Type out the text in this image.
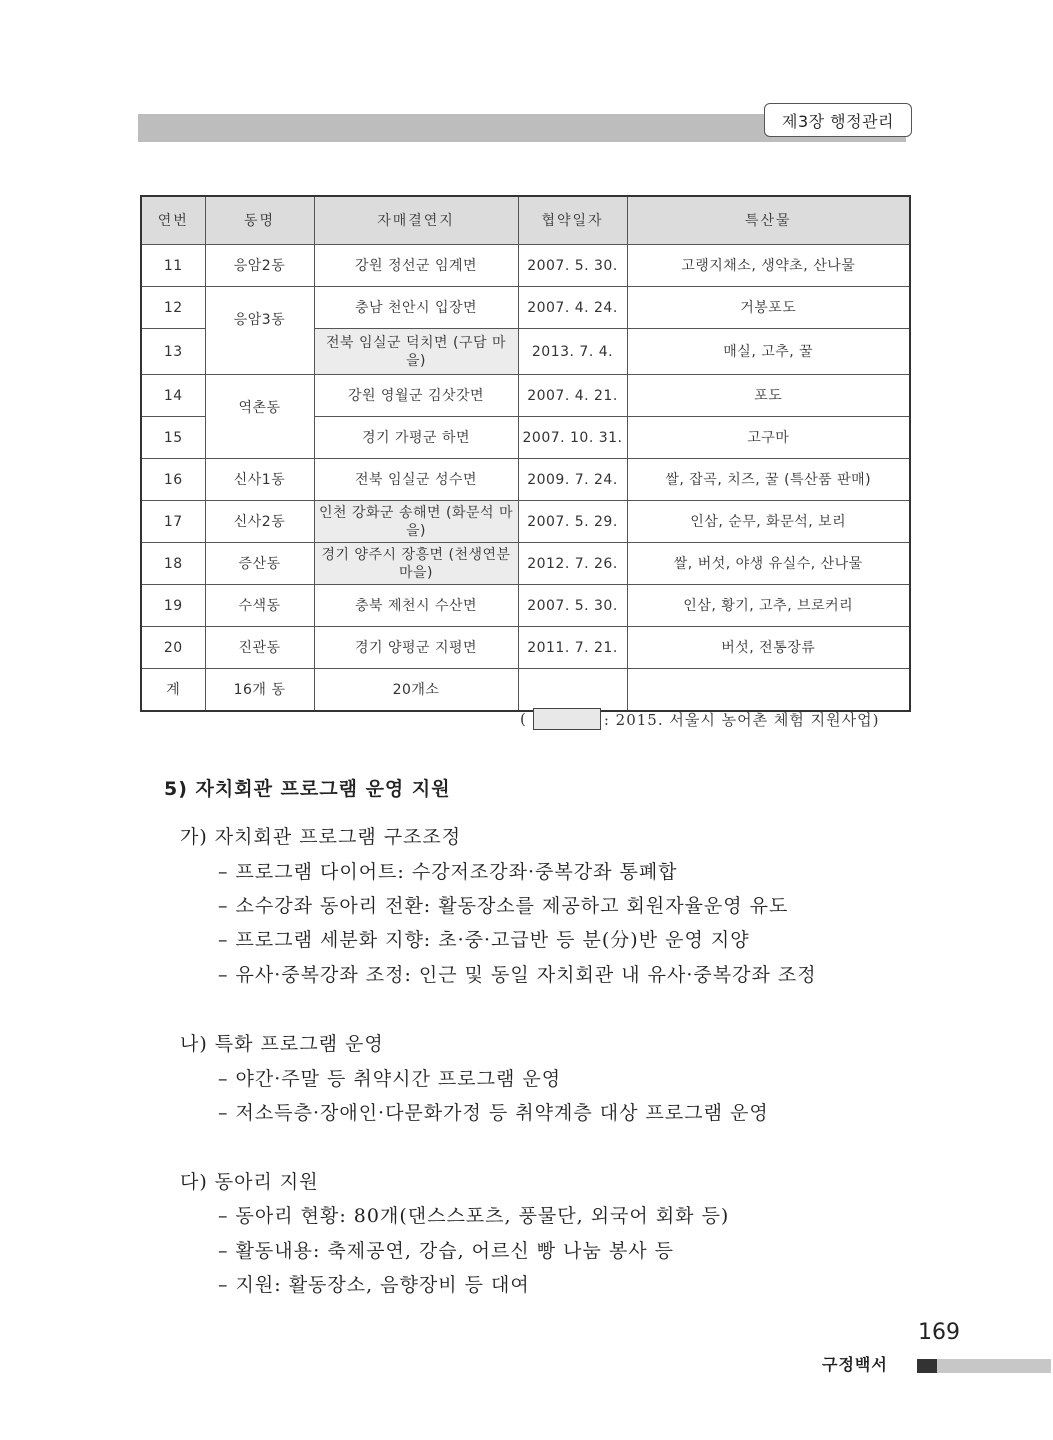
제3장 행정관리
연번	동명	자매결연지	협약일자	특산물
11	응암2동	강원 정선군 임계면	2007. 5. 30.	고랭지채소, 생약초, 산나물
12	응암3동	충남 천안시 입장면	2007. 4. 24.	거봉포도
13		전북 임실군 덕치면 (구담 마을)	2013. 7. 4.	매실, 고추, 꿀
14	역촌동	강원 영월군 김삿갓면	2007. 4. 21.	포도
15		경기 가평군 하면	2007. 10. 31.	고구마
16	신사1동	전북 임실군 성수면	2009. 7. 24.	쌀, 잡곡, 치즈, 꿀 (특산품 판매)
17	신사2동	인천 강화군 송해면 (화문석 마을)	2007. 5. 29.	인삼, 순무, 화문석, 보리
18	증산동	경기 양주시 장흥면 (천생연분 마을)	2012. 7. 26.	쌀, 버섯, 야생 유실수, 산나물
19	수색동	충북 제천시 수산면	2007. 5. 30.	인삼, 황기, 고추, 브로커리
20	진관동	경기 양평군 지평면	2011. 7. 21.	버섯, 전통장류
계	16개 동	20개소		
(	: 2015. 서울시 농어촌 체험 지원사업)
5) 자치회관 프로그램 운영 지원
가) 자치회관 프로그램 구조조정
– 프로그램 다이어트: 수강저조강좌·중복강좌 통폐합
– 소수강좌 동아리 전환: 활동장소를 제공하고 회원자율운영 유도
– 프로그램 세분화 지향: 초·중·고급반 등 분(分)반 운영 지양
– 유사·중복강좌 조정: 인근 및 동일 자치회관 내 유사·중복강좌 조정
나) 특화 프로그램 운영
– 야간·주말 등 취약시간 프로그램 운영
– 저소득층·장애인·다문화가정 등 취약계층 대상 프로그램 운영
다) 동아리 지원
– 동아리 현황: 80개(댄스스포츠, 풍물단, 외국어 회화 등)
– 활동내용: 축제공연, 강습, 어르신 빵 나눔 봉사 등
– 지원: 활동장소, 음향장비 등 대여
169
구정백서
